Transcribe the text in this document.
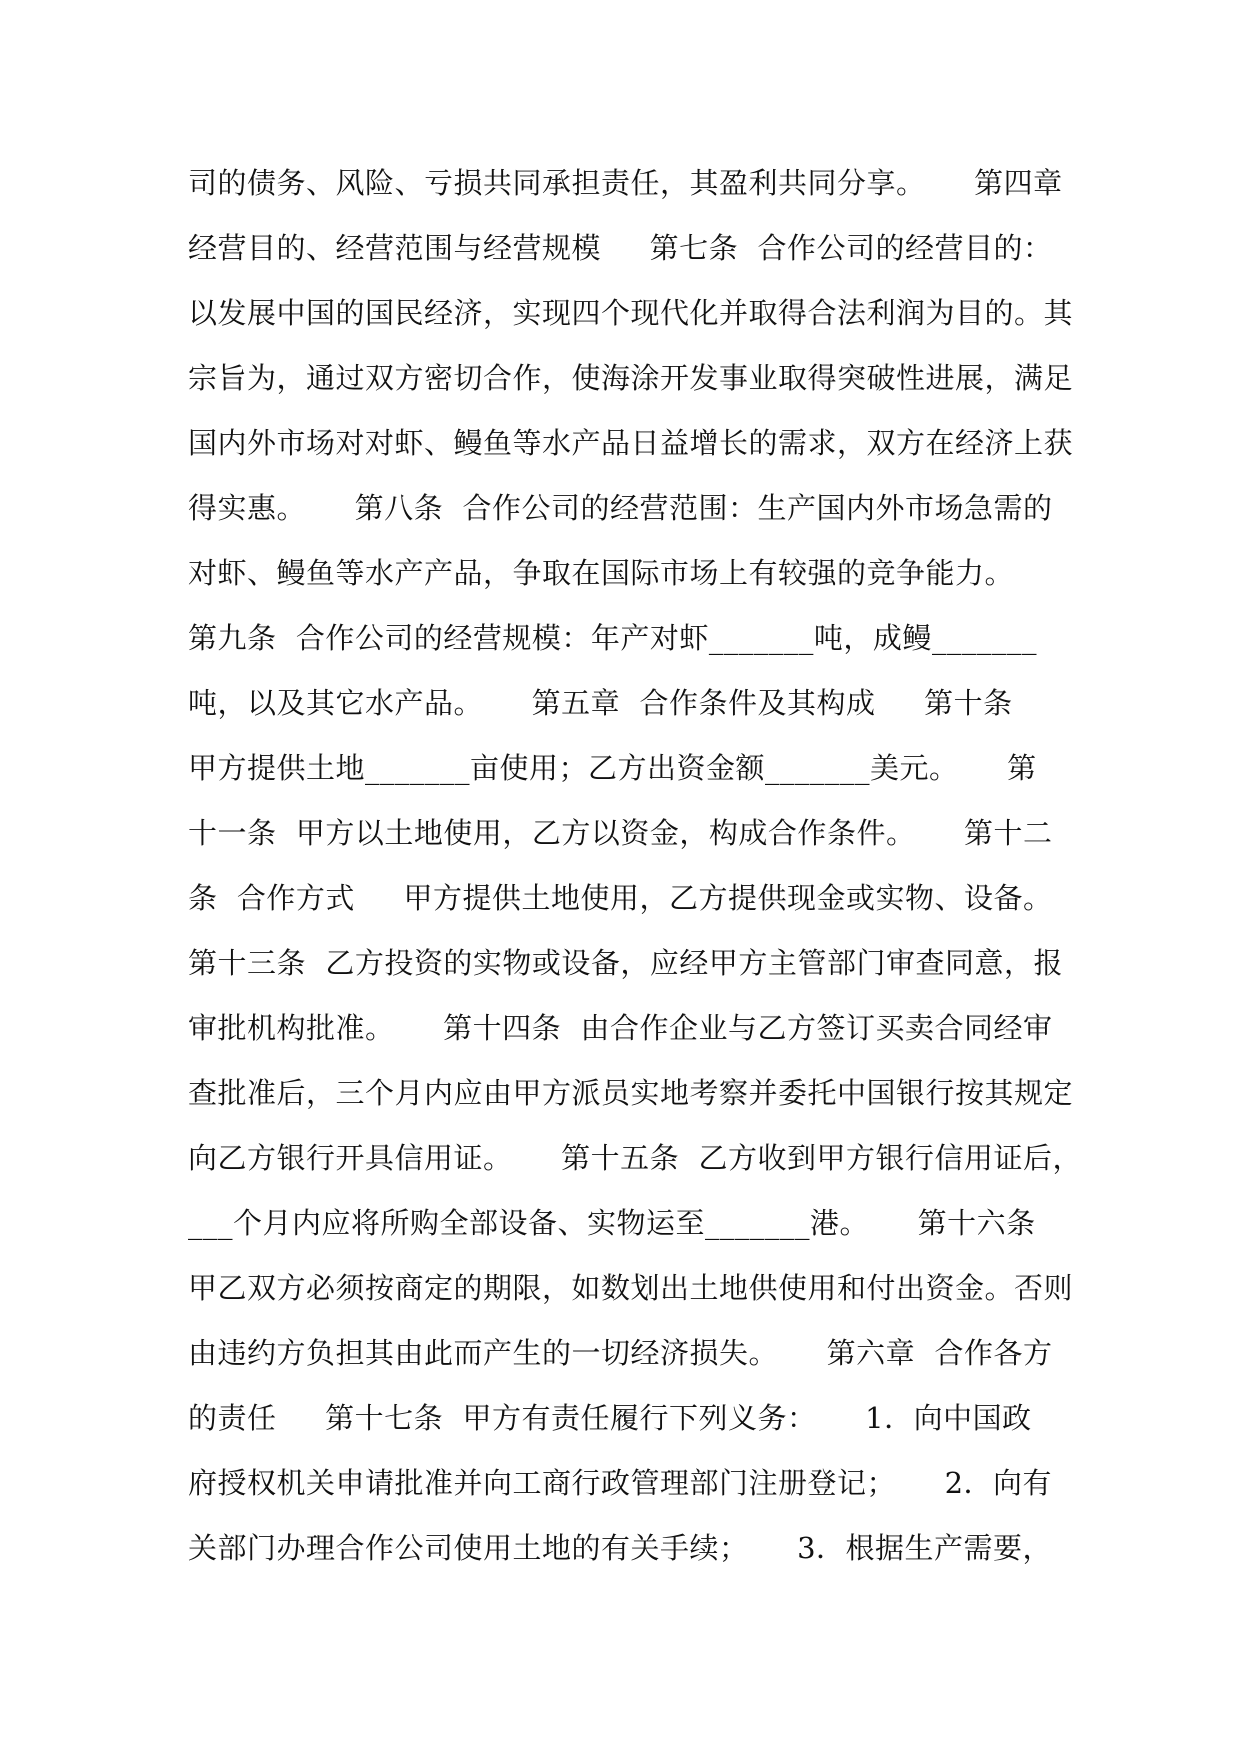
司的债务、风险、亏损共同承担责任，其盈利共同分享。     第四章
经营目的、经营范围与经营规模     第七条  合作公司的经营目的：
以发展中国的国民经济，实现四个现代化并取得合法利润为目的。其
宗旨为，通过双方密切合作，使海涂开发事业取得突破性进展，满足
国内外市场对对虾、鳗鱼等水产品日益增长的需求，双方在经济上获
得实惠。     第八条  合作公司的经营范围：生产国内外市场急需的
对虾、鳗鱼等水产产品，争取在国际市场上有较强的竞争能力。
第九条  合作公司的经营规模：年产对虾_______吨，成鳗_______
吨，以及其它水产品。     第五章  合作条件及其构成     第十条
甲方提供土地_______亩使用；乙方出资金额_______美元。     第
十一条  甲方以土地使用，乙方以资金，构成合作条件。     第十二
条  合作方式     甲方提供土地使用，乙方提供现金或实物、设备。
第十三条  乙方投资的实物或设备，应经甲方主管部门审查同意，报
审批机构批准。     第十四条  由合作企业与乙方签订买卖合同经审
查批准后，三个月内应由甲方派员实地考察并委托中国银行按其规定
向乙方银行开具信用证。     第十五条  乙方收到甲方银行信用证后，
___个月内应将所购全部设备、实物运至_______港。     第十六条
甲乙双方必须按商定的期限，如数划出土地供使用和付出资金。否则
由违约方负担其由此而产生的一切经济损失。     第六章  合作各方
的责任     第十七条  甲方有责任履行下列义务：     1．向中国政
府授权机关申请批准并向工商行政管理部门注册登记；     2．向有
关部门办理合作公司使用土地的有关手续；     3．根据生产需要，
